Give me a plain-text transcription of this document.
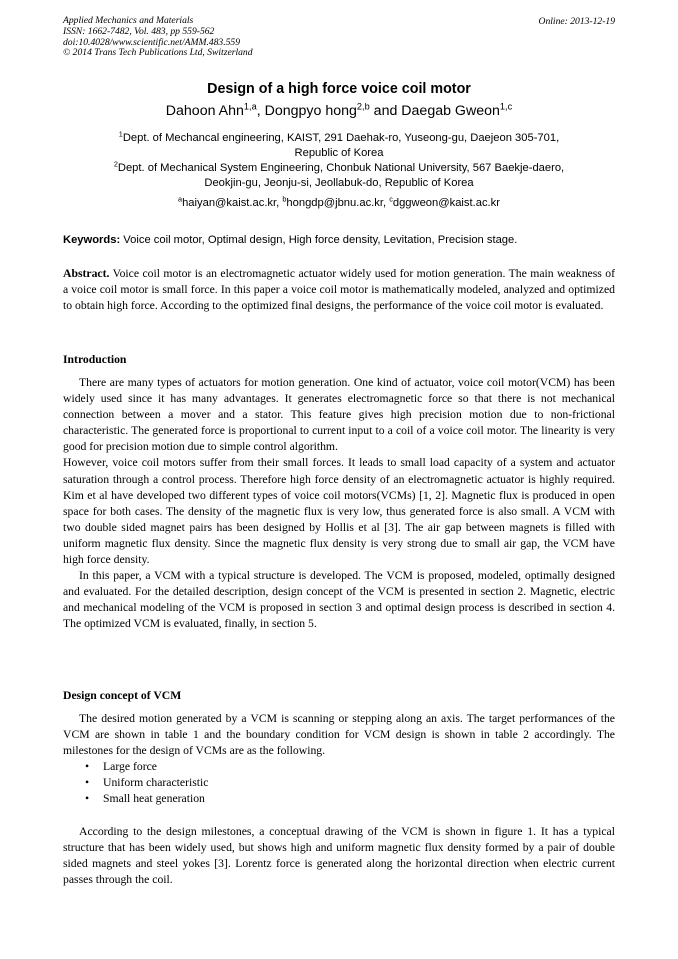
Applied Mechanics and Materials
ISSN: 1662-7482, Vol. 483, pp 559-562
doi:10.4028/www.scientific.net/AMM.483.559
© 2014 Trans Tech Publications Ltd, Switzerland
Online: 2013-12-19
Design of a high force voice coil motor
Dahoon Ahn$^{1,a}$, Dongpyo hong$^{2,b}$ and Daegab Gweon$^{1,c}$
$^1$Dept. of Mechancal engineering, KAIST, 291 Daehak-ro, Yuseong-gu, Daejeon 305-701,
Republic of Korea
$^2$Dept. of Mechanical System Engineering, Chonbuk National University, 567 Baekje-daero,
Deokjin-gu, Jeonju-si, Jeollabuk-do, Republic of Korea
$^a$haiyan@kaist.ac.kr, $^b$hongdp@jbnu.ac.kr, $^c$dggweon@kaist.ac.kr
Keywords: Voice coil motor, Optimal design, High force density, Levitation, Precision stage.

Abstract. Voice coil motor is an electromagnetic actuator widely used for motion generation. The main weakness of a voice coil motor is small force. In this paper a voice coil motor is mathematically modeled, analyzed and optimized to obtain high force. According to the optimized final designs, the performance of the voice coil motor is evaluated.

Introduction

There are many types of actuators for motion generation. One kind of actuator, voice coil motor(VCM) has been widely used since it has many advantages. It generates electromagnetic force so that there is not mechanical connection between a mover and a stator. This feature gives high precision motion due to non-frictional characteristic. The generated force is proportional to current input to a coil of a voice coil motor. The linearity is very good for precision motion due to simple control algorithm.

However, voice coil motors suffer from their small forces. It leads to small load capacity of a system and actuator saturation through a control process. Therefore high force density of an electromagnetic actuator is highly required. Kim et al have developed two different types of voice coil motors(VCMs) [1, 2]. Magnetic flux is produced in open space for both cases. The density of the magnetic flux is very low, thus generated force is also small. A VCM with two double sided magnet pairs has been designed by Hollis et al [3]. The air gap between magnets is filled with uniform magnetic flux density. Since the magnetic flux density is very strong due to small air gap, the VCM have high force density.

In this paper, a VCM with a typical structure is developed. The VCM is proposed, modeled, optimally designed and evaluated. For the detailed description, design concept of the VCM is presented in section 2. Magnetic, electric and mechanical modeling of the VCM is proposed in section 3 and optimal design process is described in section 4. The optimized VCM is evaluated, finally, in section 5.

Design concept of VCM

The desired motion generated by a VCM is scanning or stepping along an axis. The target performances of the VCM are shown in table 1 and the boundary condition for VCM design is shown in table 2 accordingly. The milestones for the design of VCMs are as the following.

• Large force
• Uniform characteristic
• Small heat generation

According to the design milestones, a conceptual drawing of the VCM is shown in figure 1. It has a typical structure that has been widely used, but shows high and uniform magnetic flux density formed by a pair of double sided magnets and steel yokes [3]. Lorentz force is generated along the horizontal direction when electric current passes through the coil.
